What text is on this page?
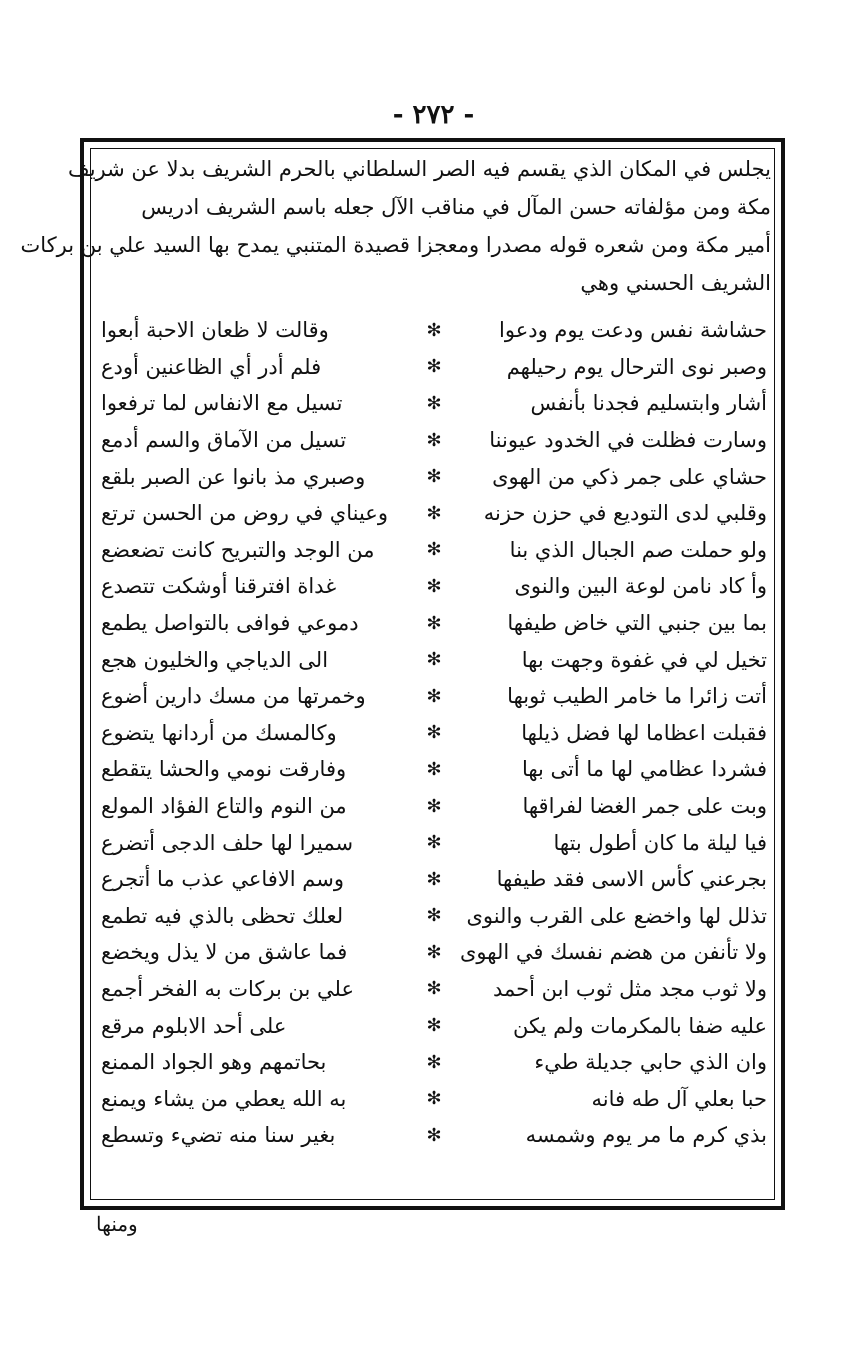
- ٢٧٢ -
يجلس في المكان الذي يقسم فيه الصر السلطاني بالحرم الشريف بدلا عن شريف
مكة ومن مؤلفاته حسن المآل في مناقب الآل جعله باسم الشريف ادريس
أمير مكة ومن شعره قوله مصدرا ومعجزا قصيدة المتنبي يمدح بها السيد علي بن بركات
الشريف الحسني وهي
حشاشة نفس ودعت يوم ودعوا
✻
وقالت لا ظعان الاحبة أبعوا
وصبر نوى الترحال يوم رحيلهم
✻
فلم أدر أي الظاعنين أودع
أشار وابتسليم فجدنا بأنفس
✻
تسيل مع الانفاس لما ترفعوا
وسارت فظلت في الخدود عيوننا
✻
تسيل من الآماق والسم أدمع
حشاي على جمر ذكي من الهوى
✻
وصبري مذ بانوا عن الصبر بلقع
وقلبي لدى التوديع في حزن حزنه
✻
وعيناي في روض من الحسن ترتع
ولو حملت صم الجبال الذي بنا
✻
من الوجد والتبريح كانت تضعضع
وأ كاد نامن لوعة البين والنوى
✻
غداة افترقنا أوشكت تتصدع
بما بين جنبي التي خاض طيفها
✻
دموعي فوافى بالتواصل يطمع
تخيل لي في غفوة وجهت بها
✻
الى الدياجي والخليون هجع
أتت زائرا ما خامر الطيب ثوبها
✻
وخمرتها من مسك دارين أضوع
فقبلت اعظاما لها فضل ذيلها
✻
وكالمسك من أردانها يتضوع
فشردا عظامي لها ما أتى بها
✻
وفارقت نومي والحشا يتقطع
وبت على جمر الغضا لفراقها
✻
من النوم والتاع الفؤاد المولع
فيا ليلة ما كان أطول بتها
✻
سميرا لها حلف الدجى أتضرع
بجرعني كأس الاسى فقد طيفها
✻
وسم الافاعي عذب ما أتجرع
تذلل لها واخضع على القرب والنوى
✻
لعلك تحظى بالذي فيه تطمع
ولا تأنفن من هضم نفسك في الهوى
✻
فما عاشق من لا يذل ويخضع
ولا ثوب مجد مثل ثوب ابن أحمد
✻
علي بن بركات به الفخر أجمع
عليه ضفا بالمكرمات ولم يكن
✻
على أحد الابلوم مرقع
وان الذي حابي جديلة طيء
✻
بحاتمهم وهو الجواد الممنع
حبا بعلي آل طه فانه
✻
به الله يعطي من يشاء ويمنع
بذي كرم ما مر يوم وشمسه
✻
بغير سنا منه تضيء وتسطع
ومنها
